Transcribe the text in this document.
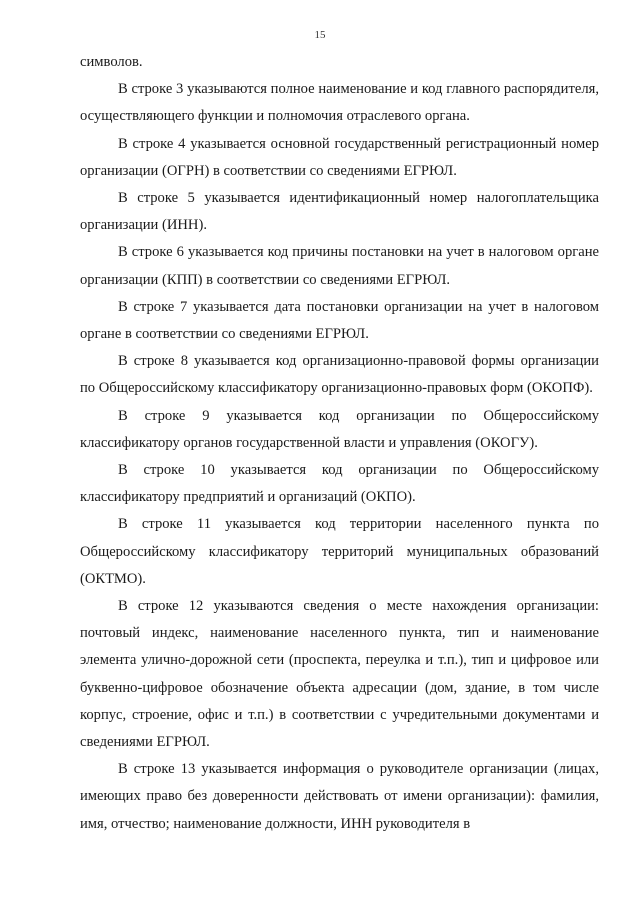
15

символов.

В строке 3 указываются полное наименование и код главного распорядителя, осуществляющего функции и полномочия отраслевого органа.

В строке 4 указывается основной государственный регистрационный номер организации (ОГРН) в соответствии со сведениями ЕГРЮЛ.

В строке 5 указывается идентификационный номер налогоплательщика организации (ИНН).

В строке 6 указывается код причины постановки на учет в налоговом органе организации (КПП) в соответствии со сведениями ЕГРЮЛ.

В строке 7 указывается дата постановки организации на учет в налоговом органе в соответствии со сведениями ЕГРЮЛ.

В строке 8 указывается код организационно-правовой формы организации по Общероссийскому классификатору организационно-правовых форм (ОКОПФ).

В строке 9 указывается код организации по Общероссийскому классификатору органов государственной власти и управления (ОКОГУ).

В строке 10 указывается код организации по Общероссийскому классификатору предприятий и организаций (ОКПО).

В строке 11 указывается код территории населенного пункта по Общероссийскому классификатору территорий муниципальных образований (ОКТМО).

В строке 12 указываются сведения о месте нахождения организации: почтовый индекс, наименование населенного пункта, тип и наименование элемента улично-дорожной сети (проспекта, переулка и т.п.), тип и цифровое или буквенно-цифровое обозначение объекта адресации (дом, здание, в том числе корпус, строение, офис и т.п.) в соответствии с учредительными документами и сведениями ЕГРЮЛ.

В строке 13 указывается информация о руководителе организации (лицах, имеющих право без доверенности действовать от имени организации): фамилия, имя, отчество; наименование должности, ИНН руководителя в
